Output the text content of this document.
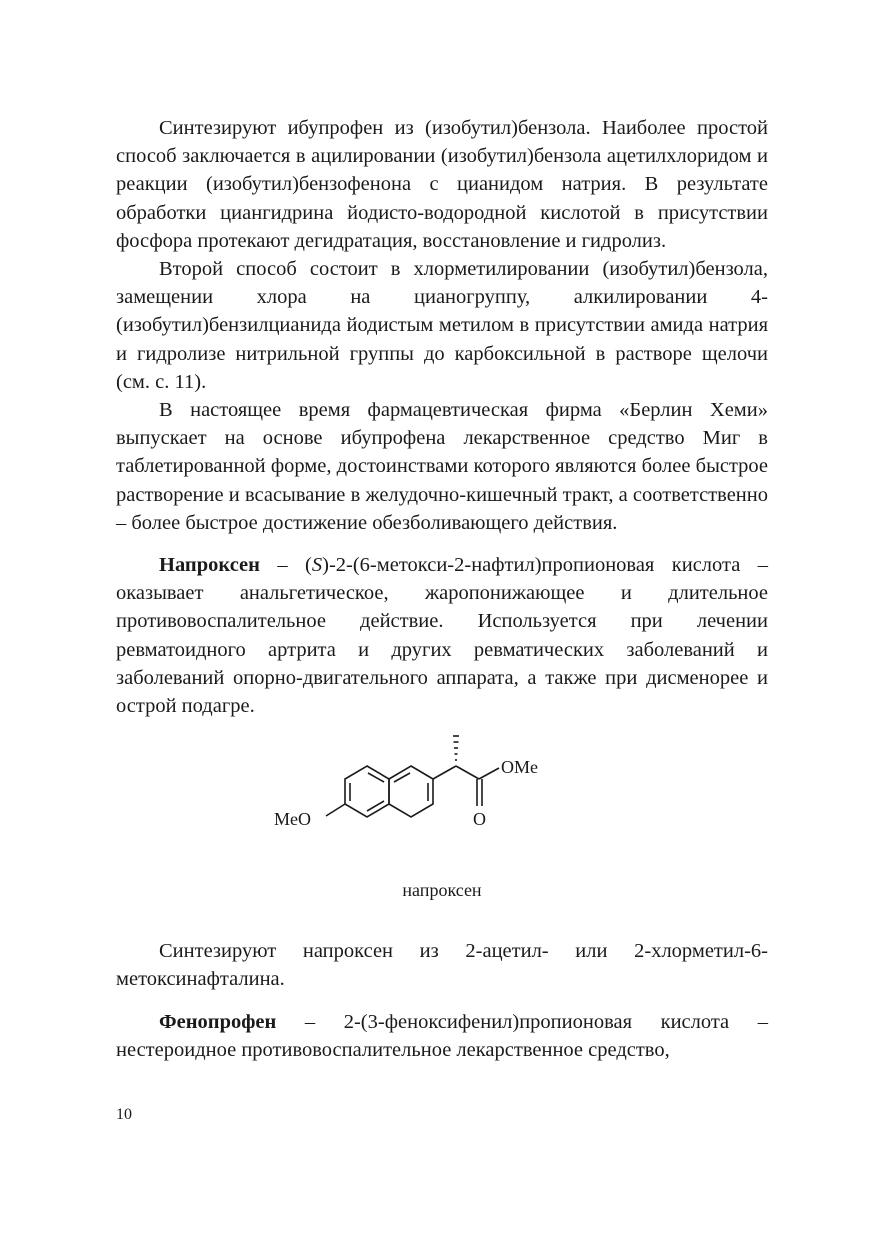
Синтезируют ибупрофен из (изобутил)бензола. Наиболее простой способ заключается в ацилировании (изобутил)бензола ацетилхлоридом и реакции (изобутил)бензофенона с цианидом натрия. В результате обработки циангидрина йодисто-водородной кислотой в присутствии фосфора протекают дегидратация, восстановление и гидролиз.

Второй способ состоит в хлорметилировании (изобутил)бензола, замещении хлора на цианогруппу, алкилировании 4-(изобутил)бензилцианида йодистым метилом в присутствии амида натрия и гидролизе нитрильной группы до карбоксильной в растворе щелочи (см. с. 11).

В настоящее время фармацевтическая фирма «Берлин Хеми» выпускает на основе ибупрофена лекарственное средство Миг в таблетированной форме, достоинствами которого являются более быстрое растворение и всасывание в желудочно-кишечный тракт, а соответственно – более быстрое достижение обезболивающего действия.

Напроксен – (S)-2-(6-метокси-2-нафтил)пропионовая кислота – оказывает анальгетическое, жаропонижающее и длительное противовоспалительное действие. Используется при лечении ревматоидного артрита и других ревматических заболеваний и заболеваний опорно-двигательного аппарата, а также при дисменорее и острой подагре.

OMe
O
MeO
напроксен

Синтезируют напроксен из 2-ацетил- или 2-хлорметил-6-метоксинафталина.

Фенопрофен – 2-(3-феноксифенил)пропионовая кислота – нестероидное противовоспалительное лекарственное средство,

10
